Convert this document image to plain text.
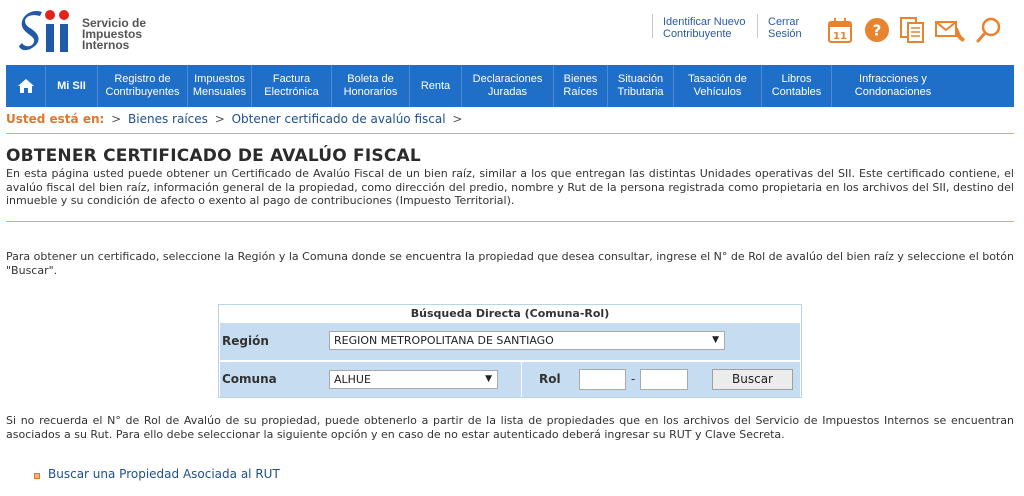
Servicio de
Impuestos
Internos
Identificar Nuevo
Contribuyente
Cerrar
Sesión	11 ?
Mi SII
Registro de
Contribuyentes
Impuestos
Mensuales
Factura
Electrónica
Boleta de
Honorarios
Renta
Declaraciones
Juradas
Bienes
Raíces
Situación
Tributaria
Tasación de
Vehículos
Libros
Contables
Infracciones y
Condonaciones
Usted está en: > Bienes raíces > Obtener certificado de avalúo fiscal >
OBTENER CERTIFICADO DE AVALÚO FISCAL
En esta página usted puede obtener un Certificado de Avalúo Fiscal de un bien raíz, similar a los que entregan las distintas Unidades operativas del SII. Este certificado contiene, el avalúo fiscal del bien raíz, información general de la propiedad, como dirección del predio, nombre y Rut de la persona registrada como propietaria en los archivos del SII, destino del inmueble y su condición de afecto o exento al pago de contribuciones (Impuesto Territorial).
Para obtener un certificado, seleccione la Región y la Comuna donde se encuentra la propiedad que desea consultar, ingrese el N° de Rol de avalúo del bien raíz y seleccione el botón "Buscar".
Búsqueda Directa (Comuna-Rol)
Región	REGION METROPOLITANA DE SANTIAGO	▼
Comuna	ALHUE	▼	Rol	-	Buscar
Si no recuerda el N° de Rol de Avalúo de su propiedad, puede obtenerlo a partir de la lista de propiedades que en los archivos del Servicio de Impuestos Internos se encuentran asociados a su Rut. Para ello debe seleccionar la siguiente opción y en caso de no estar autenticado deberá ingresar su RUT y Clave Secreta.
Buscar una Propiedad Asociada al RUT
